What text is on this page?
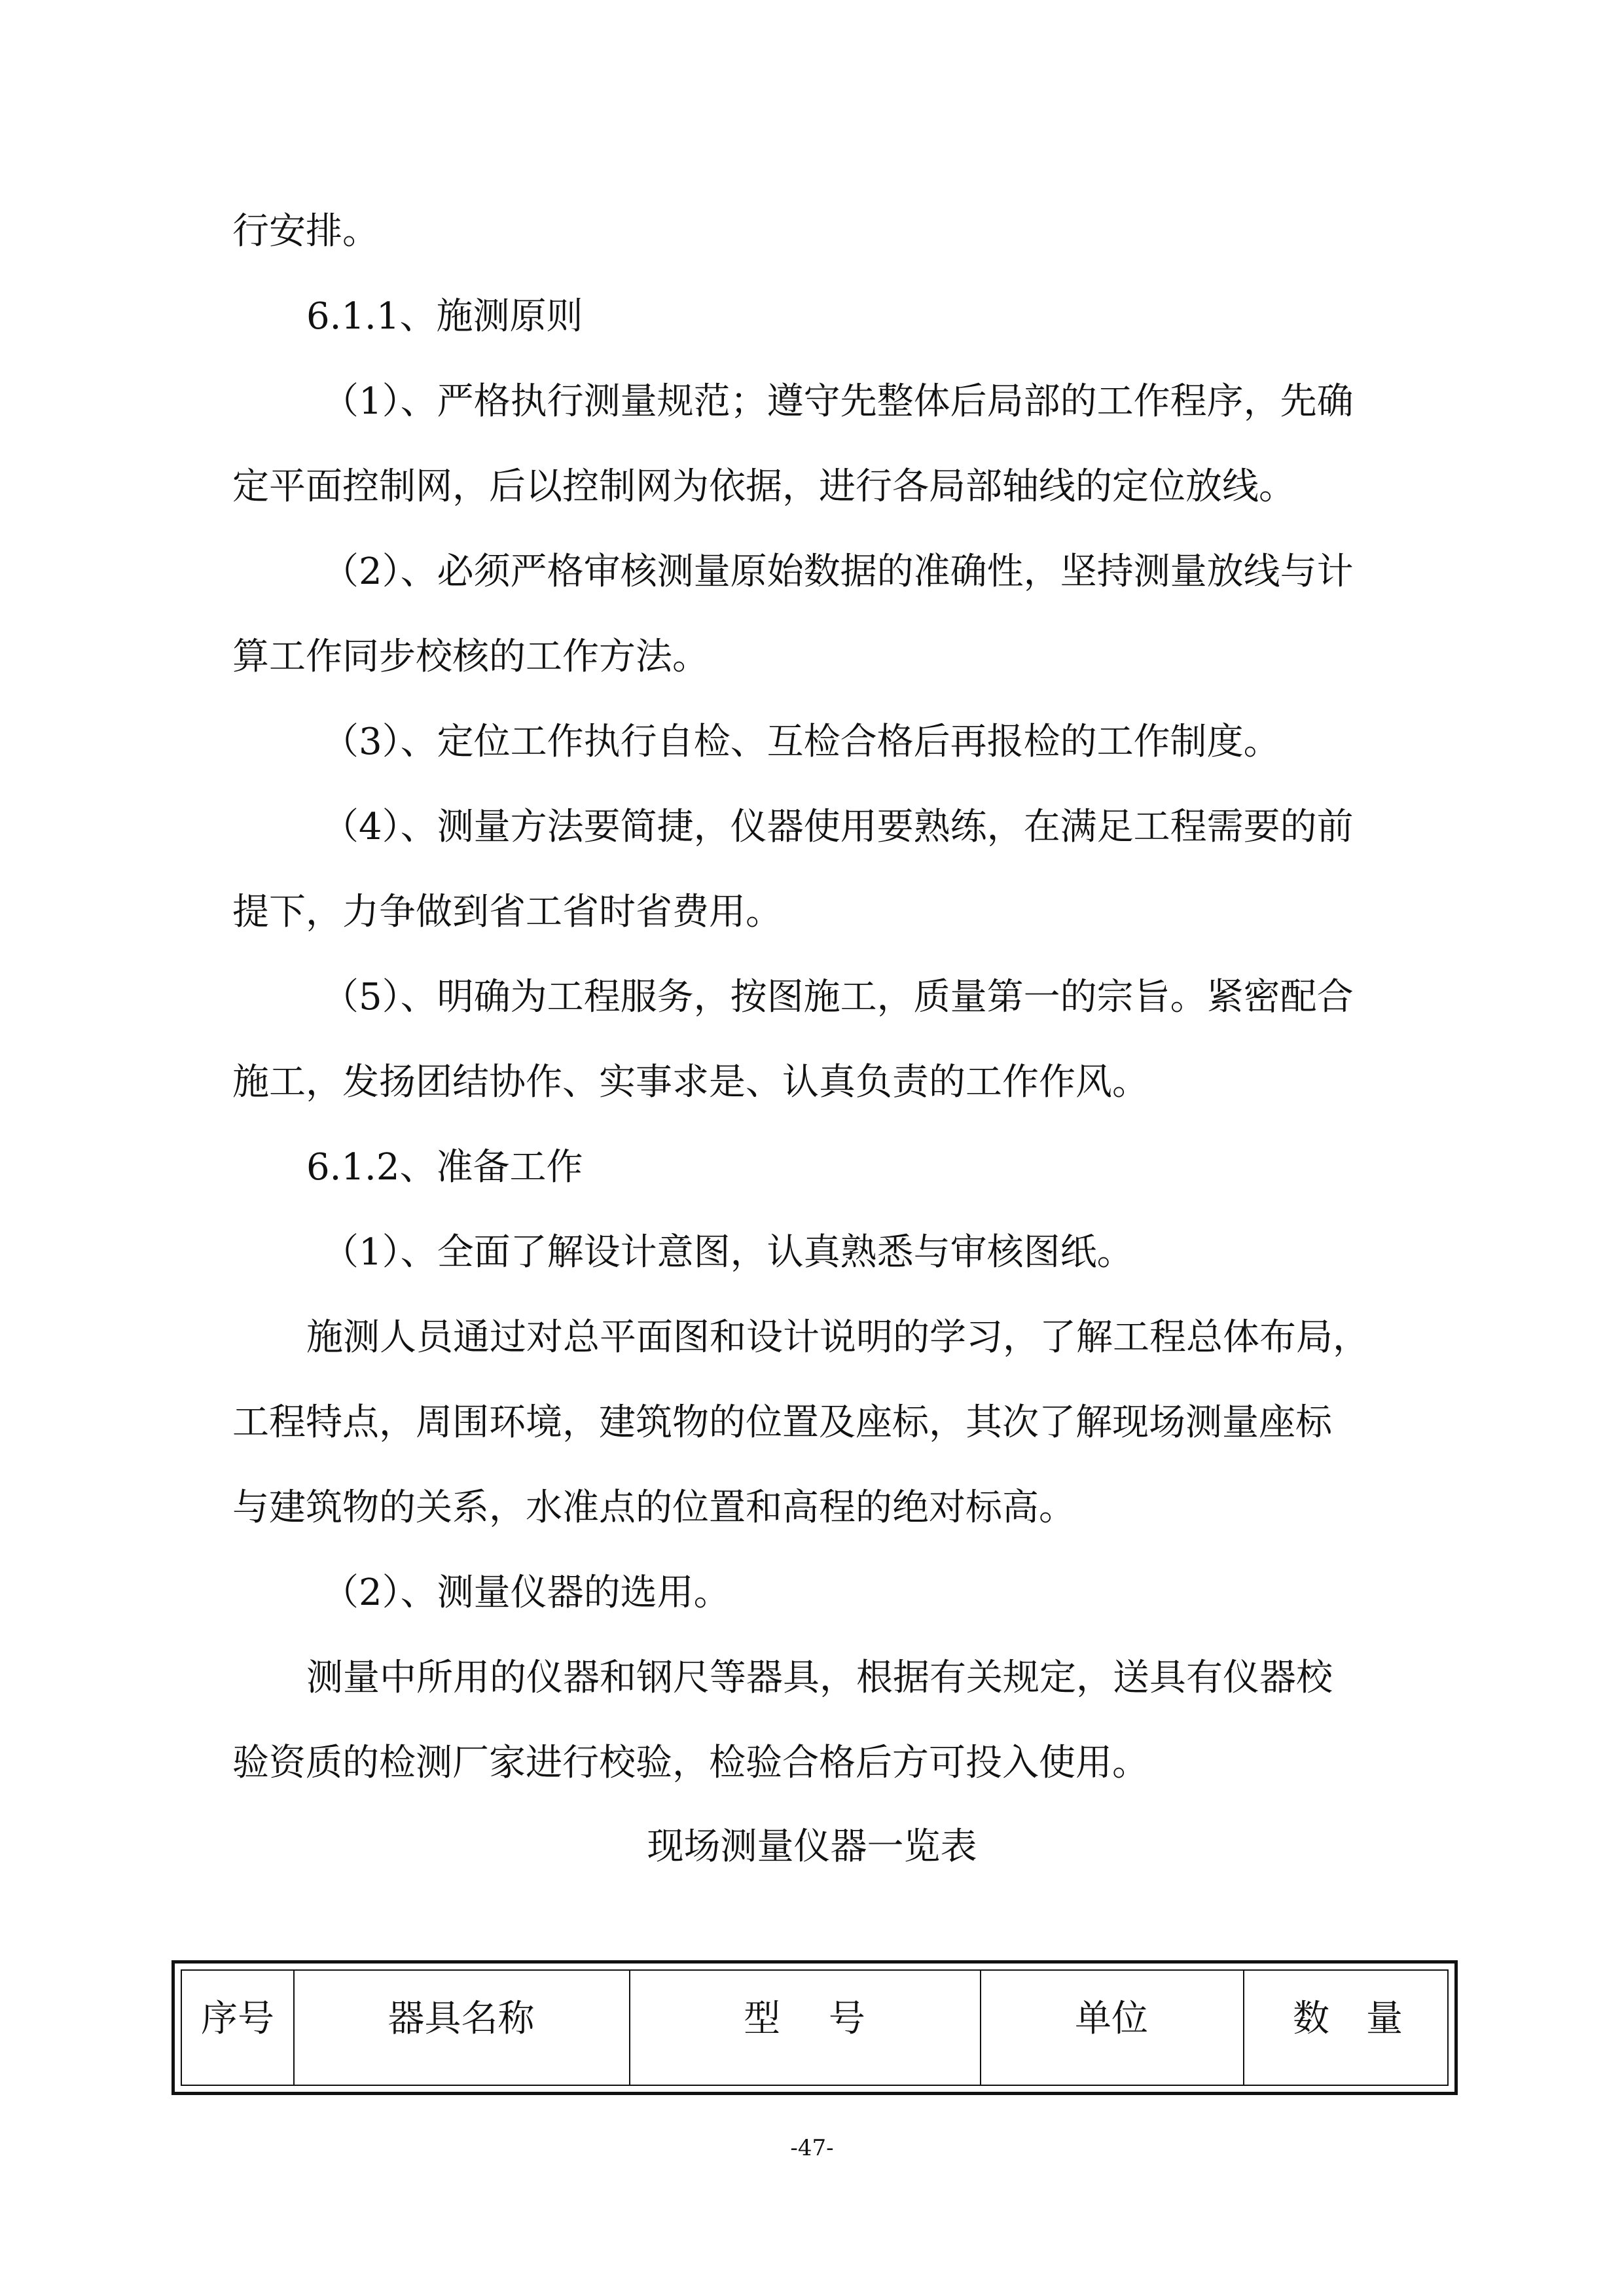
行安排。
6.1.1、施测原则
（1）、严格执行测量规范；遵守先整体后局部的工作程序，先确
定平面控制网，后以控制网为依据，进行各局部轴线的定位放线。
（2）、必须严格审核测量原始数据的准确性，坚持测量放线与计
算工作同步校核的工作方法。
（3）、定位工作执行自检、互检合格后再报检的工作制度。
（4）、测量方法要简捷，仪器使用要熟练，在满足工程需要的前
提下，力争做到省工省时省费用。
（5）、明确为工程服务，按图施工，质量第一的宗旨。紧密配合
施工，发扬团结协作、实事求是、认真负责的工作作风。
6.1.2、准备工作
（1）、全面了解设计意图，认真熟悉与审核图纸。
施测人员通过对总平面图和设计说明的学习，了解工程总体布局，
工程特点，周围环境，建筑物的位置及座标，其次了解现场测量座标
与建筑物的关系，水准点的位置和高程的绝对标高。
（2）、测量仪器的选用。
测量中所用的仪器和钢尺等器具，根据有关规定，送具有仪器校
验资质的检测厂家进行校验，检验合格后方可投入使用。
现场测量仪器一览表
序号	器具名称	型　 号	单位	数　量
-47-
